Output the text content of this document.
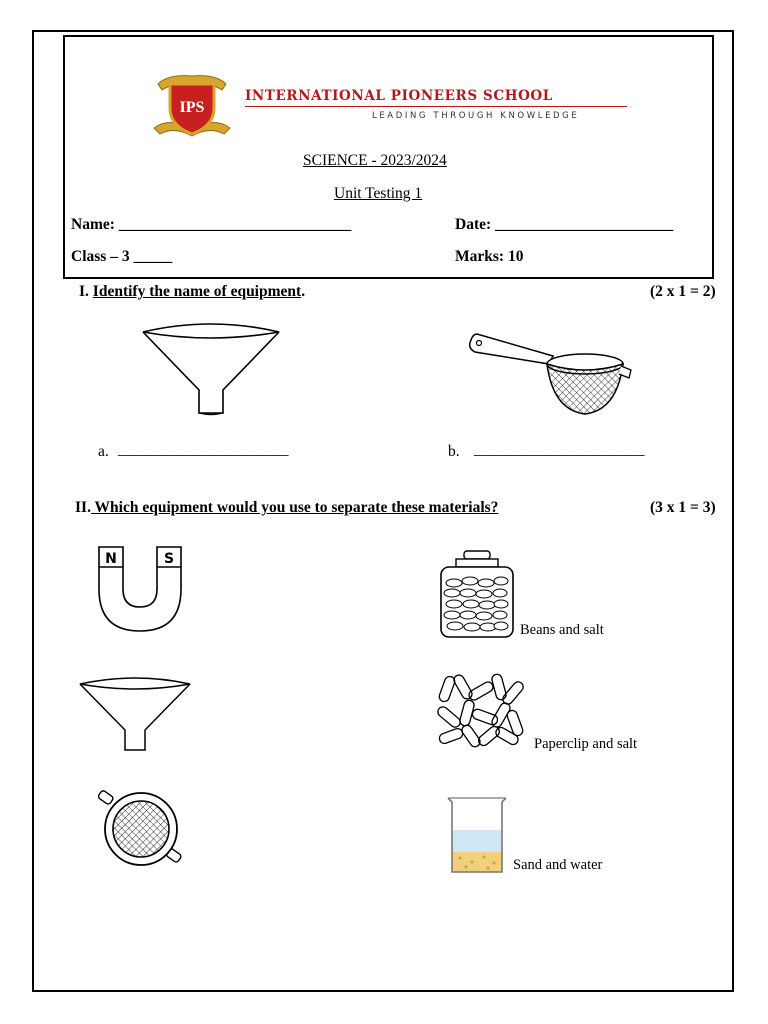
IPS
INTERNATIONAL PIONEERS SCHOOL
LEADING THROUGH KNOWLEDGE
SCIENCE - 2023/2024
Unit Testing 1
Name: ______________________________	Date: _______________________
Class – 3 _____	Marks: 10
I. Identify the name of equipment.	(2 x 1 = 2)
a. ______________________	b. ______________________
II. Which equipment would you use to separate these materials?	(3 x 1 = 3)
N	S
Beans and salt
Paperclip and salt
Sand and water
